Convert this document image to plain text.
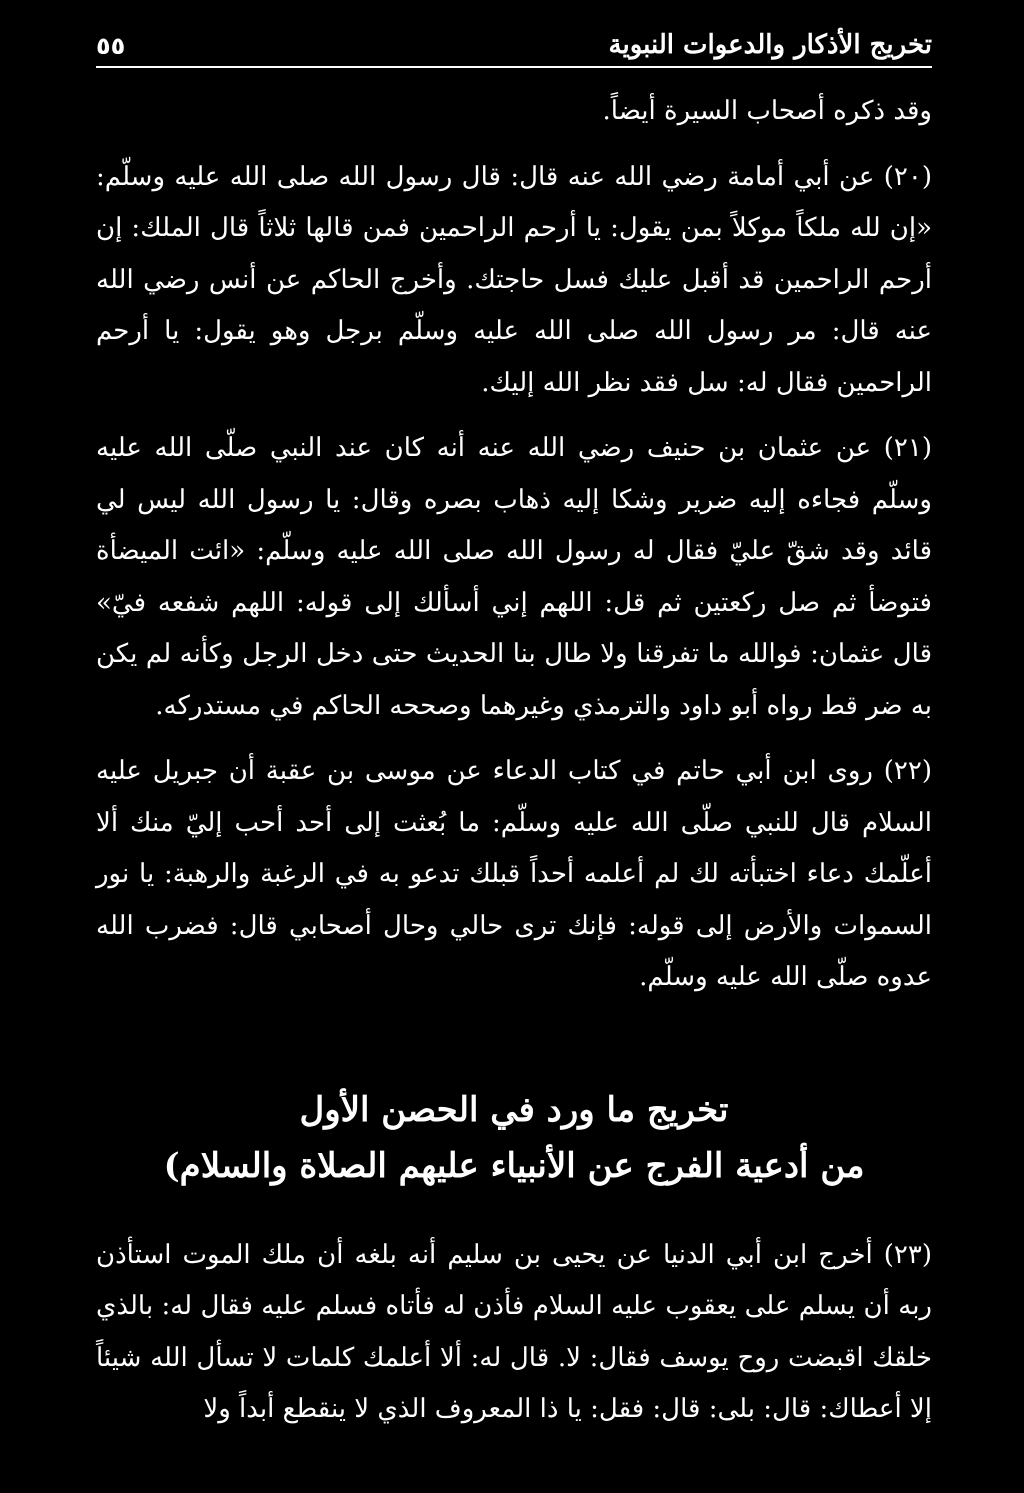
٥٥	تخريج الأذكار والدعوات النبوية

وقد ذكره أصحاب السيرة أيضاً.

(٢٠) عن أبي أمامة رضي الله عنه قال: قال رسول الله صلى الله عليه وسلّم: «إن لله ملكاً موكلاً بمن يقول: يا أرحم الراحمين فمن قالها ثلاثاً قال الملك: إن أرحم الراحمين قد أقبل عليك فسل حاجتك. وأخرج الحاكم عن أنس رضي الله عنه قال: مر رسول الله صلى الله عليه وسلّم برجل وهو يقول: يا أرحم الراحمين فقال له: سل فقد نظر الله إليك.

(٢١) عن عثمان بن حنيف رضي الله عنه أنه كان عند النبي صلّى الله عليه وسلّم فجاءه إليه ضرير وشكا إليه ذهاب بصره وقال: يا رسول الله ليس لي قائد وقد شقّ عليّ فقال له رسول الله صلى الله عليه وسلّم: «ائت الميضأة فتوضأ ثم صل ركعتين ثم قل: اللهم إني أسألك إلى قوله: اللهم شفعه فيّ» قال عثمان: فوالله ما تفرقنا ولا طال بنا الحديث حتى دخل الرجل وكأنه لم يكن به ضر قط رواه أبو داود والترمذي وغيرهما وصححه الحاكم في مستدركه.

(٢٢) روى ابن أبي حاتم في كتاب الدعاء عن موسى بن عقبة أن جبريل عليه السلام قال للنبي صلّى الله عليه وسلّم: ما بُعثت إلى أحد أحب إليّ منك ألا أعلّمك دعاء اختبأته لك لم أعلمه أحداً قبلك تدعو به في الرغبة والرهبة: يا نور السموات والأرض إلى قوله: فإنك ترى حالي وحال أصحابي قال: فضرب الله عدوه صلّى الله عليه وسلّم.

تخريج ما ورد في الحصن الأول
من أدعية الفرج عن الأنبياء عليهم الصلاة والسلام)

(٢٣) أخرج ابن أبي الدنيا عن يحيى بن سليم أنه بلغه أن ملك الموت استأذن ربه أن يسلم على يعقوب عليه السلام فأذن له فأتاه فسلم عليه فقال له: بالذي خلقك اقبضت روح يوسف فقال: لا. قال له: ألا أعلمك كلمات لا تسأل الله شيئاً إلا أعطاك: قال: بلى: قال: فقل: يا ذا المعروف الذي لا ينقطع أبداً ولا
